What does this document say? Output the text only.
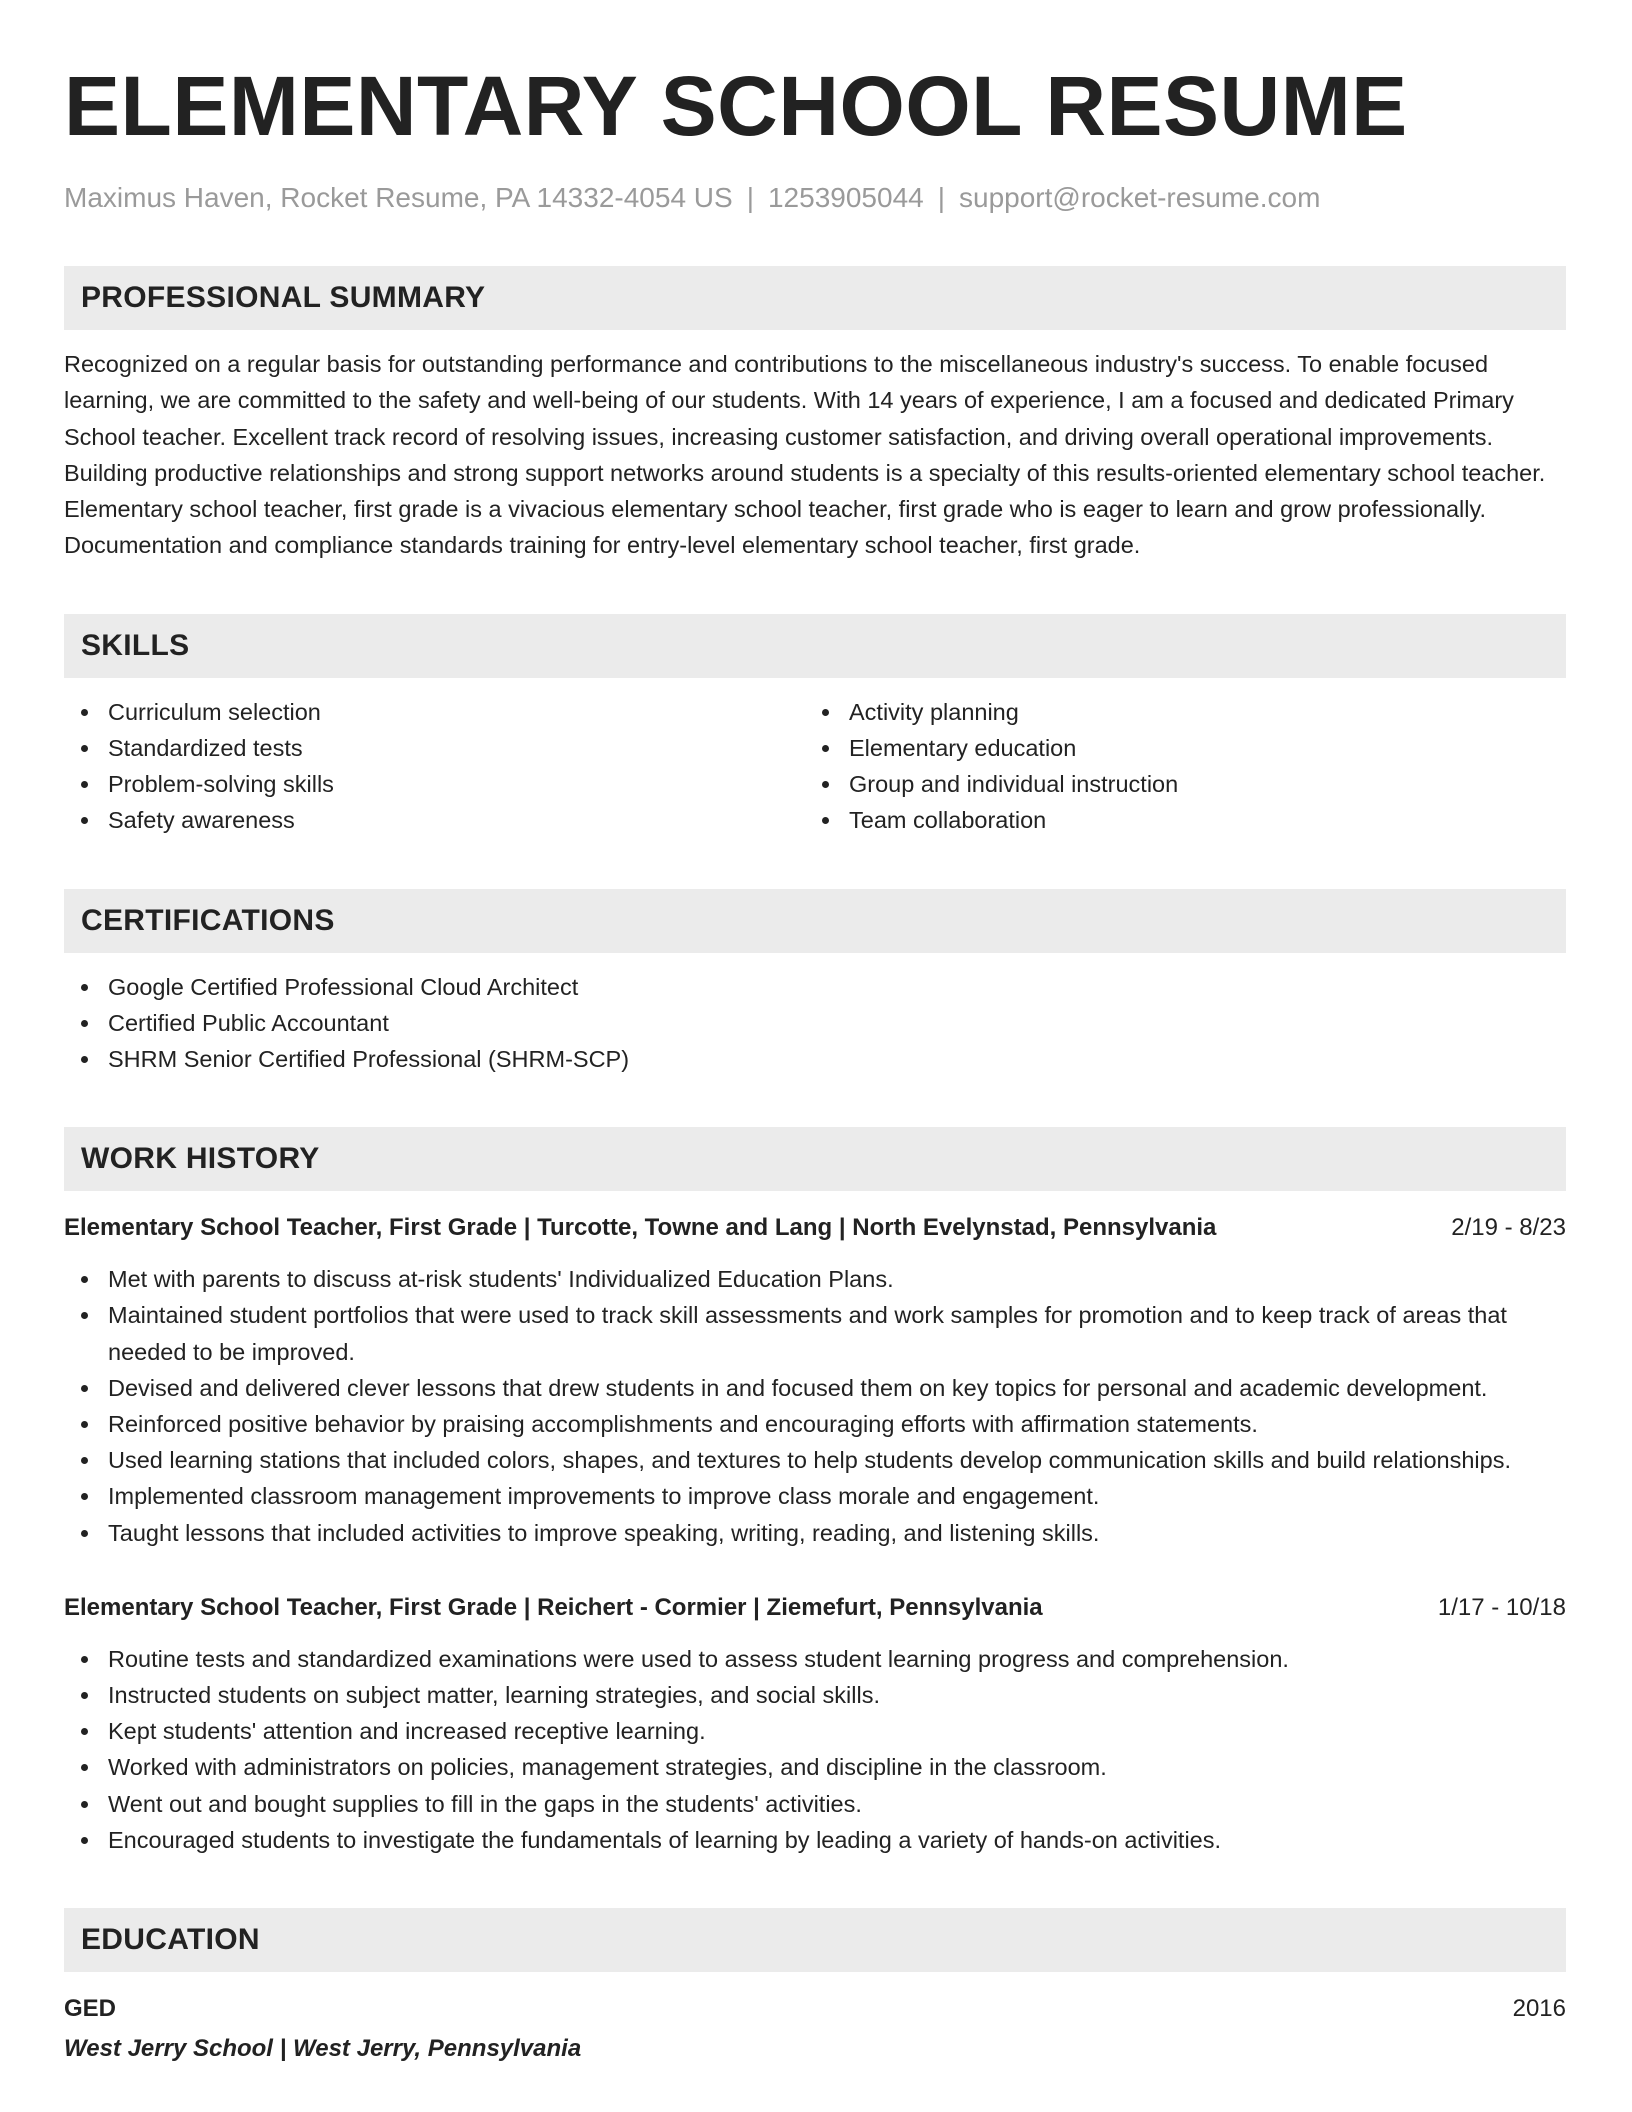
ELEMENTARY SCHOOL RESUME
Maximus Haven, Rocket Resume, PA 14332-4054 US | 1253905044 | support@rocket-resume.com
PROFESSIONAL SUMMARY

Recognized on a regular basis for outstanding performance and contributions to the miscellaneous industry's success. To enable focused learning, we are committed to the safety and well-being of our students. With 14 years of experience, I am a focused and dedicated Primary School teacher. Excellent track record of resolving issues, increasing customer satisfaction, and driving overall operational improvements. Building productive relationships and strong support networks around students is a specialty of this results-oriented elementary school teacher. Elementary school teacher, first grade is a vivacious elementary school teacher, first grade who is eager to learn and grow professionally. Documentation and compliance standards training for entry-level elementary school teacher, first grade.

SKILLS
Curriculum selection
Standardized tests
Problem-solving skills
Safety awareness
Activity planning
Elementary education
Group and individual instruction
Team collaboration
CERTIFICATIONS
Google Certified Professional Cloud Architect
Certified Public Accountant
SHRM Senior Certified Professional (SHRM-SCP)
WORK HISTORY
Elementary School Teacher, First Grade | Turcotte, Towne and Lang | North Evelynstad, Pennsylvania	2/19 - 8/23
Met with parents to discuss at-risk students' Individualized Education Plans.
Maintained student portfolios that were used to track skill assessments and work samples for promotion and to keep track of areas that needed to be improved.
Devised and delivered clever lessons that drew students in and focused them on key topics for personal and academic development.
Reinforced positive behavior by praising accomplishments and encouraging efforts with affirmation statements.
Used learning stations that included colors, shapes, and textures to help students develop communication skills and build relationships.
Implemented classroom management improvements to improve class morale and engagement.
Taught lessons that included activities to improve speaking, writing, reading, and listening skills.
Elementary School Teacher, First Grade | Reichert - Cormier | Ziemefurt, Pennsylvania	1/17 - 10/18
Routine tests and standardized examinations were used to assess student learning progress and comprehension.
Instructed students on subject matter, learning strategies, and social skills.
Kept students' attention and increased receptive learning.
Worked with administrators on policies, management strategies, and discipline in the classroom.
Went out and bought supplies to fill in the gaps in the students' activities.
Encouraged students to investigate the fundamentals of learning by leading a variety of hands-on activities.
EDUCATION
GED	2016
West Jerry School | West Jerry, Pennsylvania
